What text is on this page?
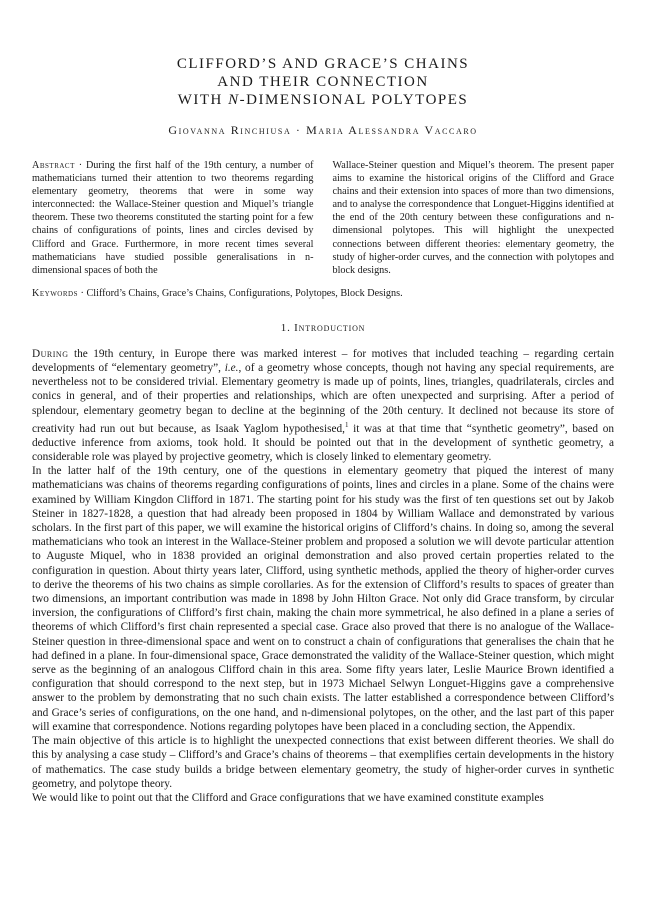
CLIFFORD’S AND GRACE’S CHAINS
AND THEIR CONNECTION
WITH N-DIMENSIONAL POLYTOPES
Giovanna Rinchiusa · Maria Alessandra Vaccaro
Abstract · During the first half of the 19th century, a number of mathematicians turned their attention to two theorems regarding elementary geometry, theorems that were in some way interconnected: the Wallace-Steiner question and Miquel’s triangle theorem. These two theorems constituted the starting point for a few chains of configurations of points, lines and circles devised by Clifford and Grace. Furthermore, in more recent times several mathematicians have studied possible generalisations in n-dimensional spaces of both the
Wallace-Steiner question and Miquel’s theorem. The present paper aims to examine the historical origins of the Clifford and Grace chains and their extension into spaces of more than two dimensions, and to analyse the correspondence that Longuet-Higgins identified at the end of the 20th century between these configurations and n-dimensional polytopes. This will highlight the unexpected connections between different theories: elementary geometry, the study of higher-order curves, and the connection with polytopes and block designs.
Keywords · Clifford’s Chains, Grace’s Chains, Configurations, Polytopes, Block Designs.
1. Introduction

During the 19th century, in Europe there was marked interest – for motives that included teaching – regarding certain developments of “elementary geometry”, i.e., of a geometry whose concepts, though not having any special requirements, are nevertheless not to be considered trivial. Elementary geometry is made up of points, lines, triangles, quadrilaterals, circles and conics in general, and of their properties and relationships, which are often unexpected and surprising. After a period of splendour, elementary geometry began to decline at the beginning of the 20th century. It declined not because its store of creativity had run out but because, as Isaak Yaglom hypothesised,$^1$ it was at that time that “synthetic geometry”, based on deductive inference from axioms, took hold. It should be pointed out that in the development of synthetic geometry, a considerable role was played by projective geometry, which is closely linked to elementary geometry.

In the latter half of the 19th century, one of the questions in elementary geometry that piqued the interest of many mathematicians was chains of theorems regarding configurations of points, lines and circles in a plane. Some of the chains were examined by William Kingdon Clifford in 1871. The starting point for his study was the first of ten questions set out by Jakob Steiner in 1827-1828, a question that had already been proposed in 1804 by William Wallace and demonstrated by various scholars. In the first part of this paper, we will examine the historical origins of Clifford’s chains. In doing so, among the several mathematicians who took an interest in the Wallace-Steiner problem and proposed a solution we will devote particular attention to Auguste Miquel, who in 1838 provided an original demonstration and also proved certain properties related to the configuration in question. About thirty years later, Clifford, using synthetic methods, applied the theory of higher-order curves to derive the theorems of his two chains as simple corollaries. As for the extension of Clifford’s results to spaces of greater than two dimensions, an important contribution was made in 1898 by John Hilton Grace. Not only did Grace transform, by circular inversion, the configurations of Clifford’s first chain, making the chain more symmetrical, he also defined in a plane a series of theorems of which Clifford’s first chain represented a special case. Grace also proved that there is no analogue of the Wallace-Steiner question in three-dimensional space and went on to construct a chain of configurations that generalises the chain that he had defined in a plane. In four-dimensional space, Grace demonstrated the validity of the Wallace-Steiner question, which might serve as the beginning of an analogous Clifford chain in this area. Some fifty years later, Leslie Maurice Brown identified a configuration that should correspond to the next step, but in 1973 Michael Selwyn Longuet-Higgins gave a comprehensive answer to the problem by demonstrating that no such chain exists. The latter established a correspondence between Clifford’s and Grace’s series of configurations, on the one hand, and n-dimensional polytopes, on the other, and the last part of this paper will examine that correspondence. Notions regarding polytopes have been placed in a concluding section, the Appendix.

The main objective of this article is to highlight the unexpected connections that exist between different theories. We shall do this by analysing a case study – Clifford’s and Grace’s chains of theorems – that exemplifies certain developments in the history of mathematics. The case study builds a bridge between elementary geometry, the study of higher-order curves in synthetic geometry, and polytope theory.

We would like to point out that the Clifford and Grace configurations that we have examined constitute examples
